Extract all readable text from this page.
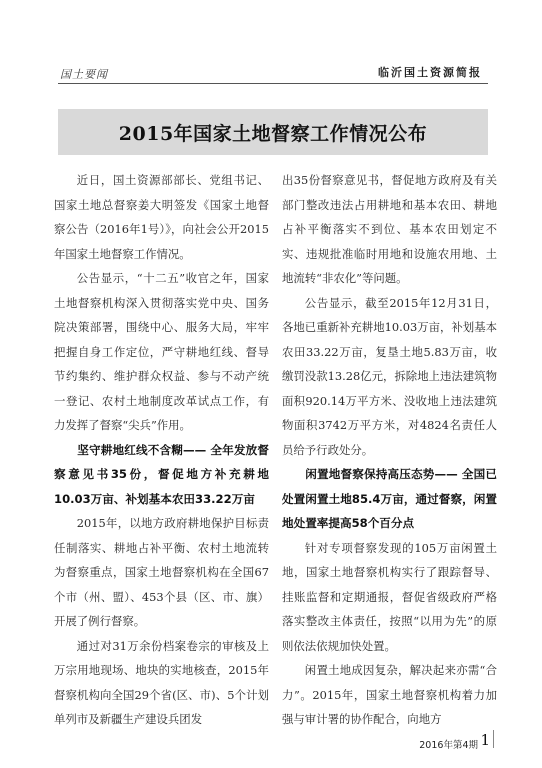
国土要闻	临沂国土资源简报
2015年国家土地督察工作情况公布

近日，国土资源部部长、党组书记、国家土地总督察姜大明签发《国家土地督察公告（2016年1号）》，向社会公开2015年国家土地督察工作情况。

公告显示，“十二五”收官之年，国家土地督察机构深入贯彻落实党中央、国务院决策部署，围绕中心、服务大局，牢牢把握自身工作定位，严守耕地红线、督导节约集约、维护群众权益、参与不动产统一登记、农村土地制度改革试点工作，有力发挥了督察“尖兵”作用。

坚守耕地红线不含糊—— 全年发放督察意见书35份，督促地方补充耕地10.03万亩、补划基本农田33.22万亩

2015年，以地方政府耕地保护目标责任制落实、耕地占补平衡、农村土地流转为督察重点，国家土地督察机构在全国67个市（州、盟）、453个县（区、市、旗）开展了例行督察。

通过对31万余份档案卷宗的审核及上万宗用地现场、地块的实地核查，2015年督察机构向全国29个省(区、市)、5个计划单列市及新疆生产建设兵团发

出35份督察意见书，督促地方政府及有关部门整改违法占用耕地和基本农田、耕地占补平衡落实不到位、基本农田划定不实、违规批准临时用地和设施农用地、土地流转“非农化”等问题。

公告显示，截至2015年12月31日，各地已重新补充耕地10.03万亩，补划基本农田33.22万亩，复垦土地5.83万亩，收缴罚没款13.28亿元，拆除地上违法建筑物面积920.14万平方米、没收地上违法建筑物面积3742万平方米，对4824名责任人员给予行政处分。

闲置地督察保持高压态势—— 全国已处置闲置土地85.4万亩，通过督察，闲置地处置率提高58个百分点

针对专项督察发现的105万亩闲置土地，国家土地督察机构实行了跟踪督导、挂账监督和定期通报，督促省级政府严格落实整改主体责任，按照“以用为先”的原则依法依规加快处置。

闲置土地成因复杂，解决起来亦需“合力”。2015年，国家土地督察机构着力加强与审计署的协作配合，向地方

2016年第4期 1
